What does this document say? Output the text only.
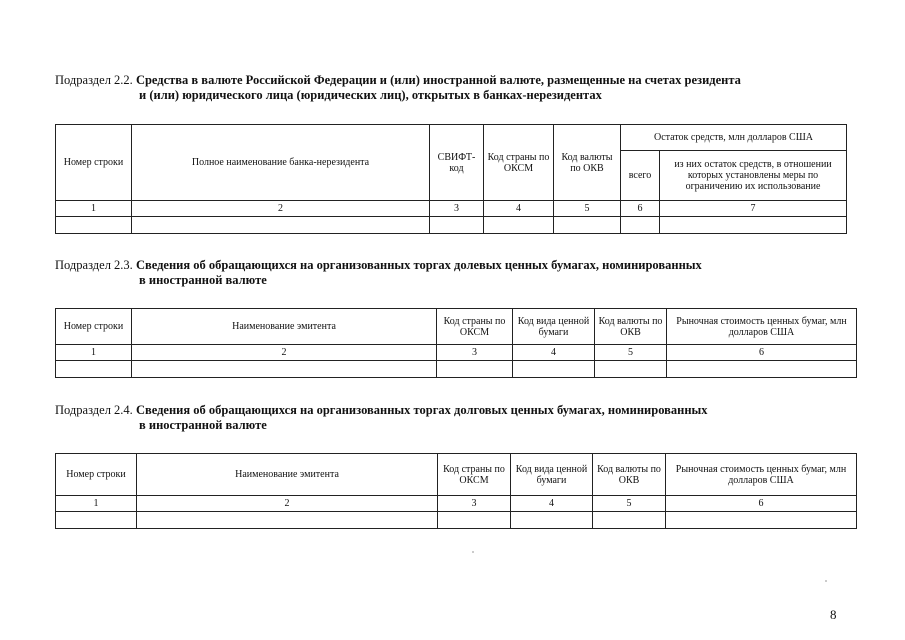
Подраздел 2.2. Средства в валюте Российской Федерации и (или) иностранной валюте, размещенные на счетах резидента
и (или) юридического лица (юридических лиц), открытых в банках-нерезидентах
Номер строки	Полное наименование банка-нерезидента	СВИФТ-код	Код страны по ОКСМ	Код валюты по ОКВ	Остаток средств, млн долларов США	
					всего	из них остаток средств, в отношении которых установлены меры по ограничению их использование
1	2	3	4	5	6	7

Подраздел 2.3. Сведения об обращающихся на организованных торгах долевых ценных бумагах, номинированных
в иностранной валюте
Номер строки	Наименование эмитента	Код страны по ОКСМ	Код вида ценной бумаги	Код валюты по ОКВ	Рыночная стоимость ценных бумаг, млн долларов США
1	2	3	4	5	6

Подраздел 2.4. Сведения об обращающихся на организованных торгах долговых ценных бумагах, номинированных
в иностранной валюте
Номер строки	Наименование эмитента	Код страны по ОКСМ	Код вида ценной бумаги	Код валюты по ОКВ	Рыночная стоимость ценных бумаг, млн долларов США
1	2	3	4	5	6

8
